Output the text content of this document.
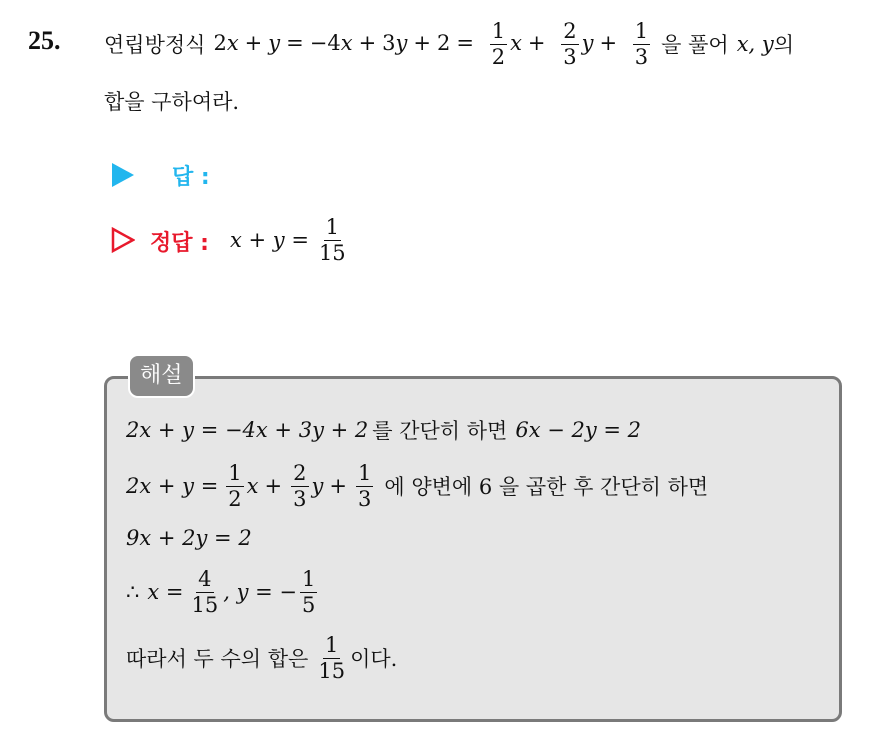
25. 연립방정식 $2x + y = -4x + 3y + 2 = \frac{1}{2}$ $x + \frac{2}{3}$ $y + \frac{1}{3}$ 을 풀어 x, y 의
합을 구하여라.
답 :
정답 : $x + y = \frac{1}{15}$
해설
2x + y = −4x + 3y + 2 를 간단히 하면 6x − 2y = 2
$2x + y = \frac{1}{2}$ $x + \frac{2}{3}$ $y + \frac{1}{3}$ 에 양변에 6 을 곱한 후 간단히 하면
9x + 2y = 2
∴ $x = \frac{4}{15}$ , y = − $\frac{1}{5}$
따라서 두 수의 합은 $\frac{1}{15}$ 이다.
